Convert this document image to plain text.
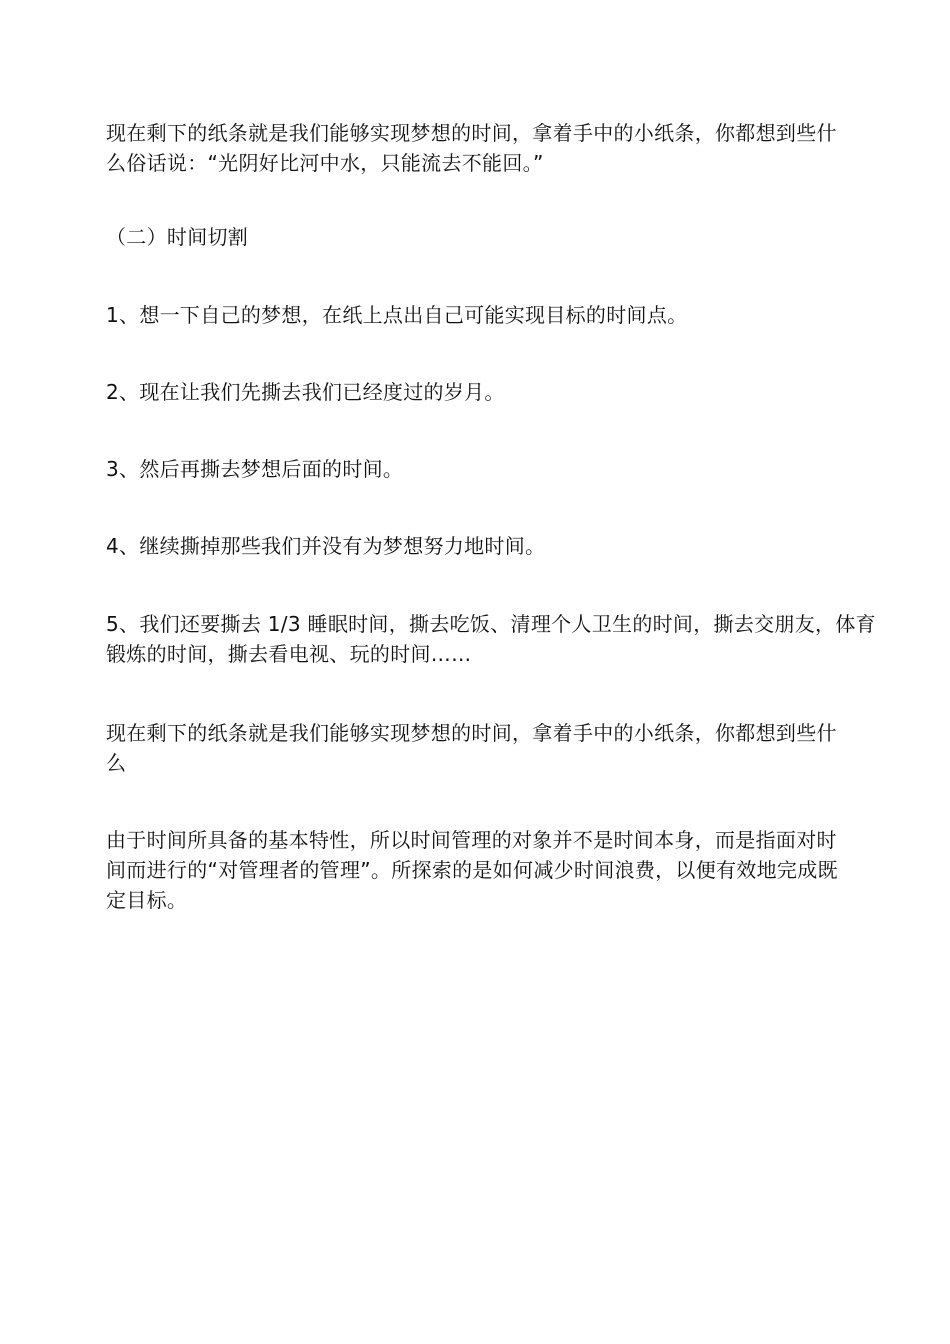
现在剩下的纸条就是我们能够实现梦想的时间，拿着手中的小纸条，你都想到些什么俗话说：“光阴好比河中水，只能流去不能回。”

（二）时间切割

1、想一下自己的梦想，在纸上点出自己可能实现目标的时间点。

2、现在让我们先撕去我们已经度过的岁月。

3、然后再撕去梦想后面的时间。

4、继续撕掉那些我们并没有为梦想努力地时间。

5、我们还要撕去 1/3 睡眠时间，撕去吃饭、清理个人卫生的时间，撕去交朋友，体育锻炼的时间，撕去看电视、玩的时间……

现在剩下的纸条就是我们能够实现梦想的时间，拿着手中的小纸条，你都想到些什么

由于时间所具备的基本特性，所以时间管理的对象并不是时间本身，而是指面对时间而进行的“对管理者的管理”。所探索的是如何减少时间浪费，以便有效地完成既定目标。
